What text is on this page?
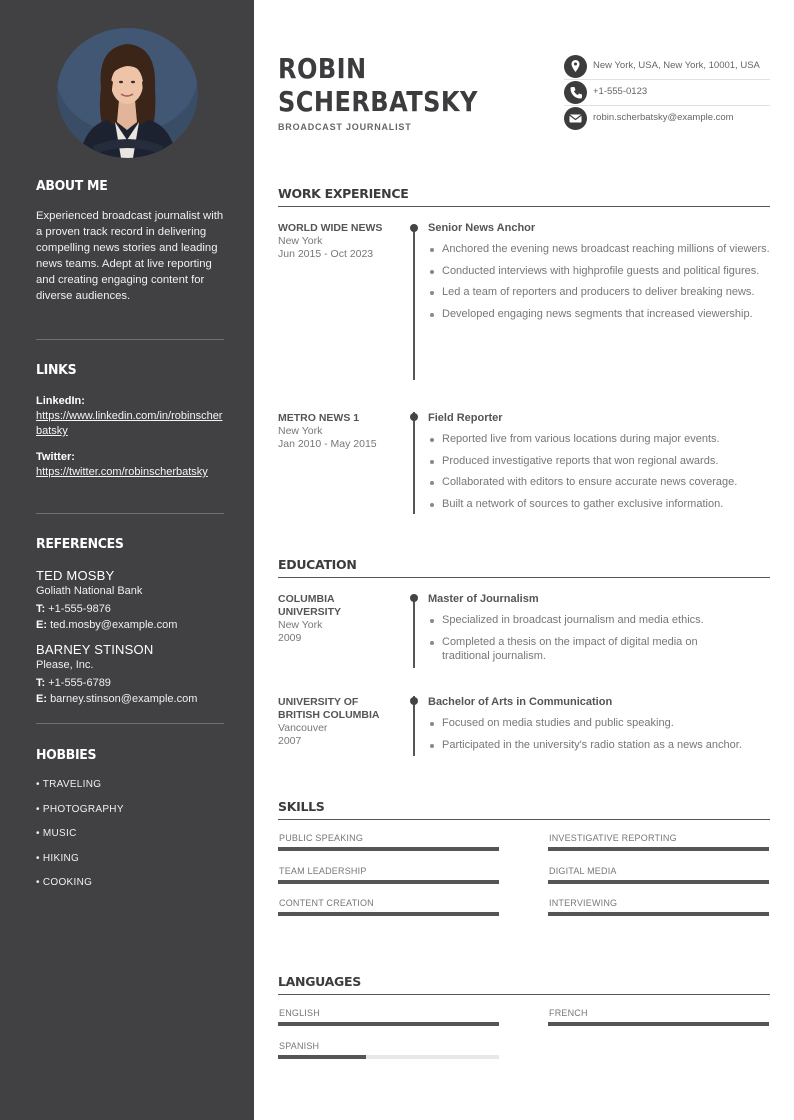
ABOUT ME
Experienced broadcast journalist with a proven track record in delivering compelling news stories and leading news teams. Adept at live reporting and creating engaging content for diverse audiences.
LINKS
LinkedIn:
https://www.linkedin.com/in/robinscherbatsky
Twitter:
https://twitter.com/robinscherbatsky
REFERENCES
TED MOSBY
Goliath National Bank
T: +1-555-9876
E: ted.mosby@example.com
BARNEY STINSON
Please, Inc.
T: +1-555-6789
E: barney.stinson@example.com
HOBBIES
• TRAVELING
• PHOTOGRAPHY
• MUSIC
• HIKING
• COOKING
ROBIN
SCHERBATSKY
BROADCAST JOURNALIST
New York, USA, New York, 10001, USA
+1-555-0123
robin.scherbatsky@example.com
WORK EXPERIENCE
WORLD WIDE NEWS
New York
Jun 2015 - Oct 2023
Senior News Anchor
Anchored the evening news broadcast reaching millions of viewers.
Conducted interviews with highprofile guests and political figures.
Led a team of reporters and producers to deliver breaking news.
Developed engaging news segments that increased viewership.
METRO NEWS 1
New York
Jan 2010 - May 2015
Field Reporter
Reported live from various locations during major events.
Produced investigative reports that won regional awards.
Collaborated with editors to ensure accurate news coverage.
Built a network of sources to gather exclusive information.
EDUCATION
COLUMBIA UNIVERSITY
New York
2009
Master of Journalism
Specialized in broadcast journalism and media ethics.
Completed a thesis on the impact of digital media on traditional journalism.
UNIVERSITY OF BRITISH COLUMBIA
Vancouver
2007
Bachelor of Arts in Communication
Focused on media studies and public speaking.
Participated in the university's radio station as a news anchor.
SKILLS
PUBLIC SPEAKING	INVESTIGATIVE REPORTING
TEAM LEADERSHIP	DIGITAL MEDIA
CONTENT CREATION	INTERVIEWING
LANGUAGES
ENGLISH	FRENCH
SPANISH
